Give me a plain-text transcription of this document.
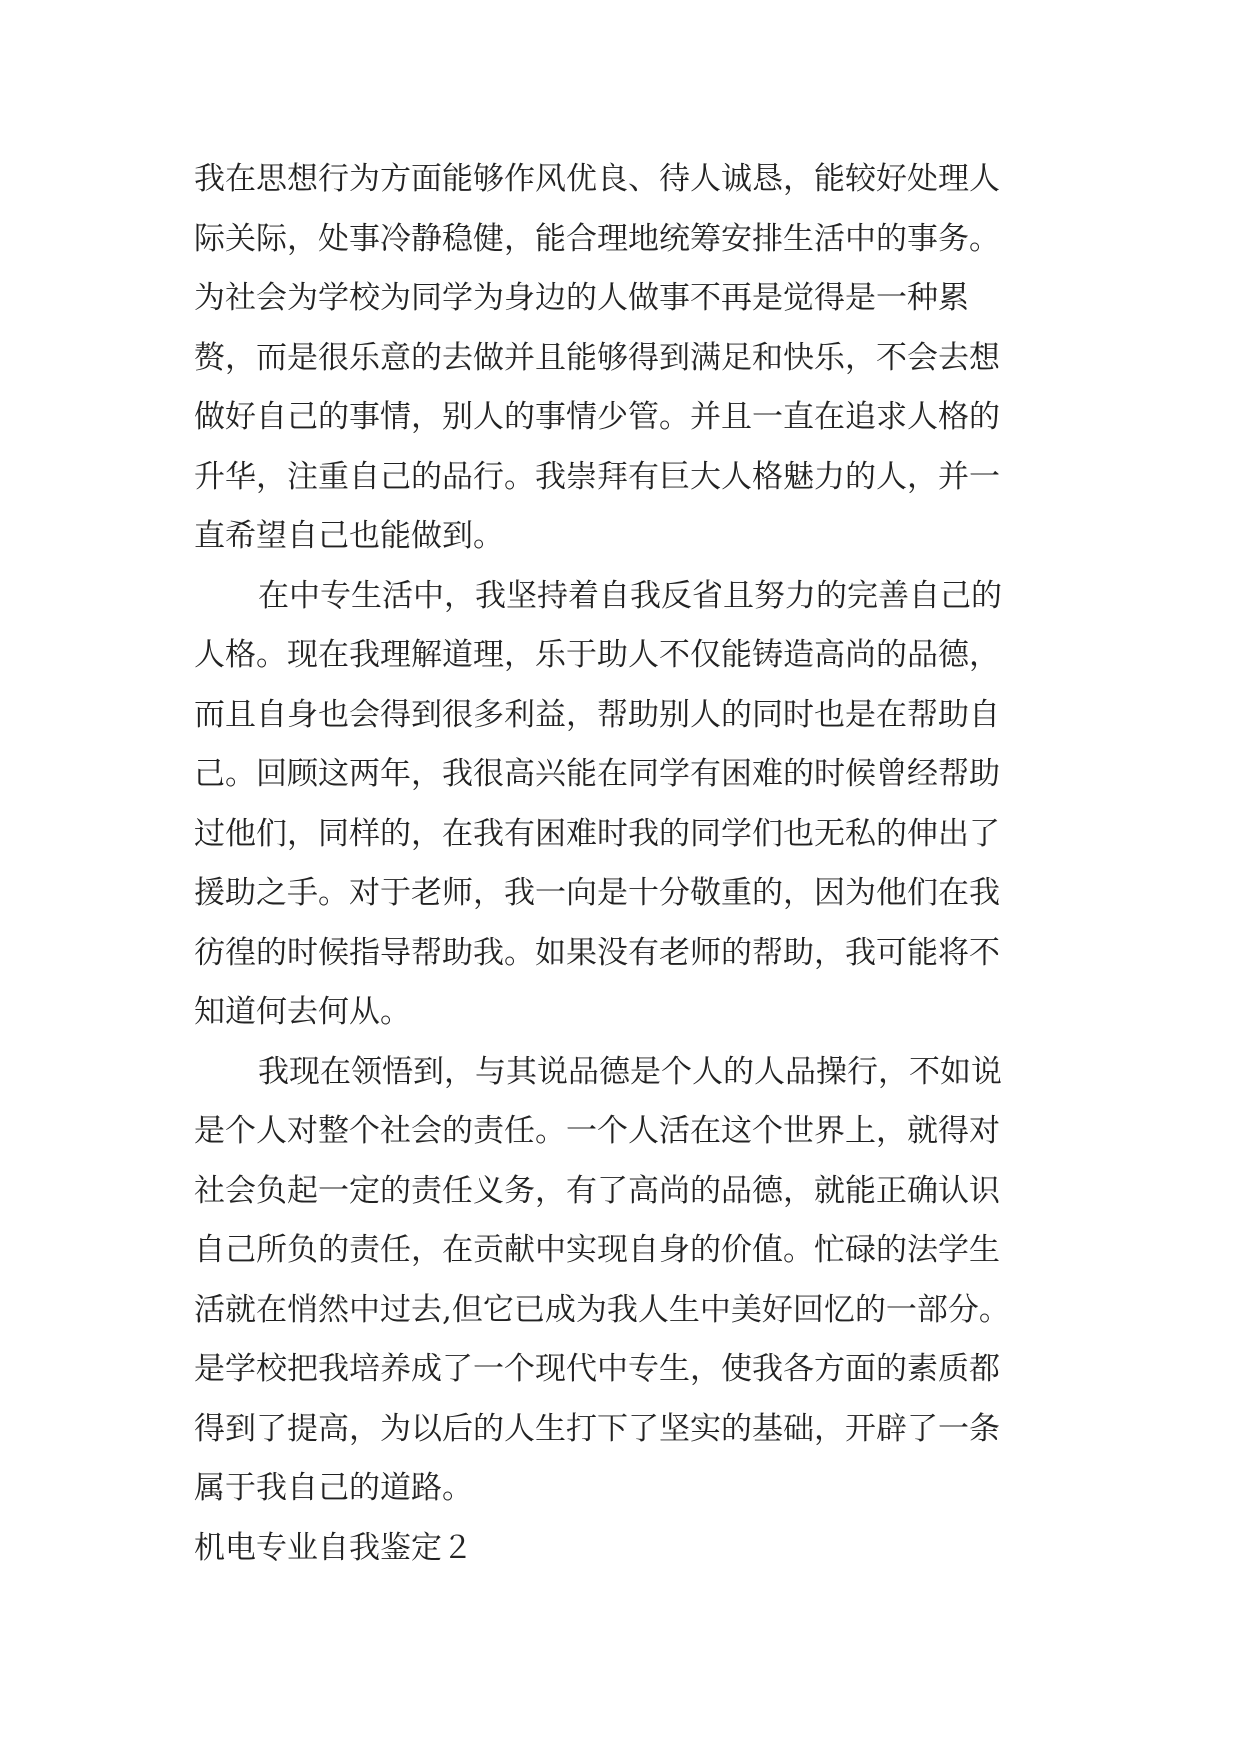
我在思想行为方面能够作风优良、待人诚恳，能较好处理人
际关际，处事冷静稳健，能合理地统筹安排生活中的事务。
为社会为学校为同学为身边的人做事不再是觉得是一种累
赘，而是很乐意的去做并且能够得到满足和快乐，不会去想
做好自己的事情，别人的事情少管。并且一直在追求人格的
升华，注重自己的品行。我崇拜有巨大人格魅力的人，并一
直希望自己也能做到。
在中专生活中，我坚持着自我反省且努力的完善自己的
人格。现在我理解道理，乐于助人不仅能铸造高尚的品德，
而且自身也会得到很多利益，帮助别人的同时也是在帮助自
己。回顾这两年，我很高兴能在同学有困难的时候曾经帮助
过他们，同样的，在我有困难时我的同学们也无私的伸出了
援助之手。对于老师，我一向是十分敬重的，因为他们在我
彷徨的时候指导帮助我。如果没有老师的帮助，我可能将不
知道何去何从。
我现在领悟到，与其说品德是个人的人品操行，不如说
是个人对整个社会的责任。一个人活在这个世界上，就得对
社会负起一定的责任义务，有了高尚的品德，就能正确认识
自己所负的责任，在贡献中实现自身的价值。忙碌的法学生
活就在悄然中过去,但它已成为我人生中美好回忆的一部分。
是学校把我培养成了一个现代中专生，使我各方面的素质都
得到了提高，为以后的人生打下了坚实的基础，开辟了一条
属于我自己的道路。
机电专业自我鉴定２
